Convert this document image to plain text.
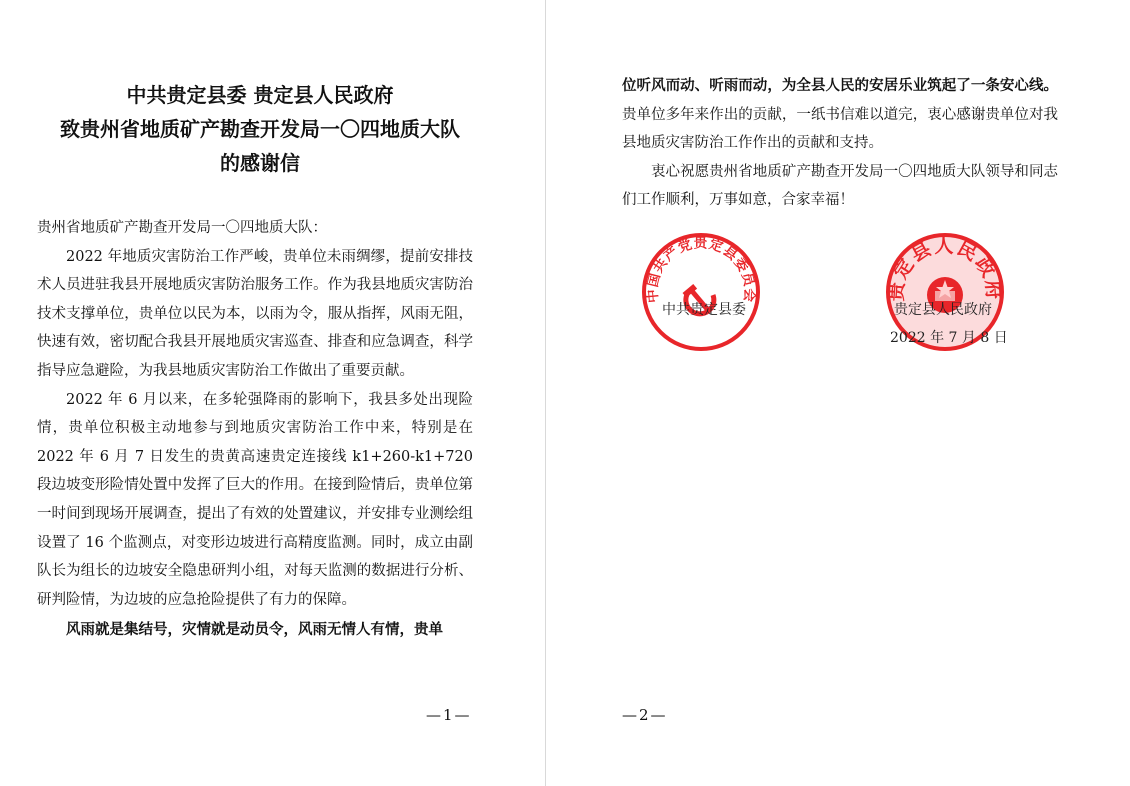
中共贵定县委 贵定县人民政府
致贵州省地质矿产勘查开发局一〇四地质大队
的感谢信

贵州省地质矿产勘查开发局一〇四地质大队：

2022 年地质灾害防治工作严峻，贵单位未雨绸缪，提前安排技术人员进驻我县开展地质灾害防治服务工作。作为我县地质灾害防治技术支撑单位，贵单位以民为本，以雨为令，服从指挥，风雨无阻，快速有效，密切配合我县开展地质灾害巡查、排查和应急调查，科学指导应急避险，为我县地质灾害防治工作做出了重要贡献。

2022 年 6 月以来，在多轮强降雨的影响下，我县多处出现险情，贵单位积极主动地参与到地质灾害防治工作中来，特别是在 2022 年 6 月 7 日发生的贵黄高速贵定连接线 k1+260-k1+720 段边坡变形险情处置中发挥了巨大的作用。在接到险情后，贵单位第一时间到现场开展调查，提出了有效的处置建议，并安排专业测绘组设置了 16 个监测点，对变形边坡进行高精度监测。同时，成立由副队长为组长的边坡安全隐患研判小组，对每天监测的数据进行分析、研判险情，为边坡的应急抢险提供了有力的保障。

风雨就是集结号，灾情就是动员令，风雨无情人有情，贵单

—1—

位听风而动、听雨而动，为全县人民的安居乐业筑起了一条安心线。贵单位多年来作出的贡献，一纸书信难以道完，衷心感谢贵单位对我县地质灾害防治工作作出的贡献和支持。

衷心祝愿贵州省地质矿产勘查开发局一〇四地质大队领导和同志们工作顺利，万事如意，合家幸福！

中国共产党贵定县委员会	贵定县人民政府
中共贵定县委	贵定县人民政府
2022 年 7 月 8 日
—2—
